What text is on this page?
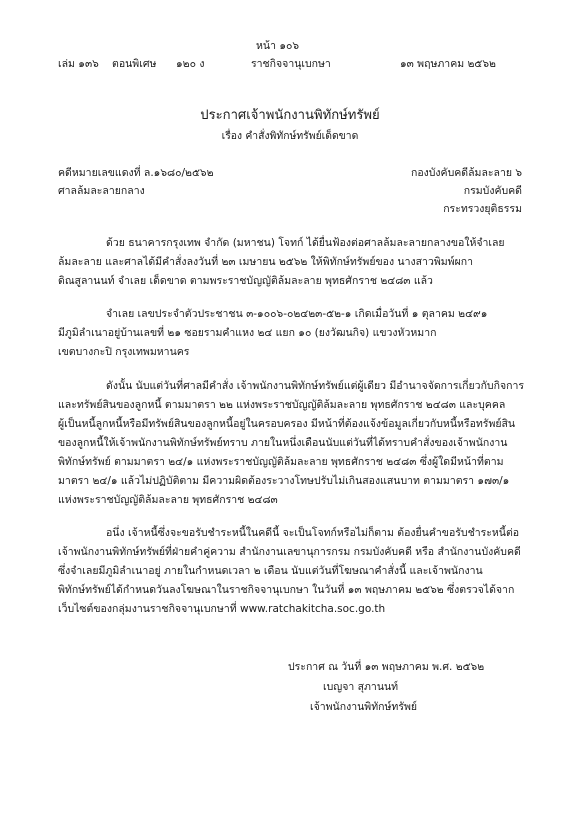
หน้า ๑๐๖
เล่ม ๑๓๖ ตอนพิเศษ ๑๒๐ ง	ราชกิจจานุเบกษา	๑๓ พฤษภาคม ๒๕๖๒
ประกาศเจ้าพนักงานพิทักษ์ทรัพย์
เรื่อง คำสั่งพิทักษ์ทรัพย์เด็ดขาด
คดีหมายเลขแดงที่ ล.๑๖๘๐/๒๕๖๒
ศาลล้มละลายกลาง
กองบังคับคดีล้มละลาย ๖
กรมบังคับคดี
กระทรวงยุติธรรม
ด้วย ธนาคารกรุงเทพ จำกัด (มหาชน) โจทก์ ได้ยื่นฟ้องต่อศาลล้มละลายกลางขอให้จำเลย
ล้มละลาย และศาลได้มีคำสั่งลงวันที่ ๒๓ เมษายน ๒๕๖๒ ให้พิทักษ์ทรัพย์ของ นางสาวพิมพ์ผกา
ดิณสูลานนท์ จำเลย เด็ดขาด ตามพระราชบัญญัติล้มละลาย พุทธศักราช ๒๔๘๓ แล้ว
จำเลย เลขประจำตัวประชาชน ๓-๑๐๐๖-๐๒๔๒๓-๕๒-๑ เกิดเมื่อวันที่ ๑ ตุลาคม ๒๔๙๑
มีภูมิลำเนาอยู่บ้านเลขที่ ๒๑ ซอยรามคำแหง ๒๔ แยก ๑๐ (ยงวัฒนกิจ) แขวงหัวหมาก
เขตบางกะปิ กรุงเทพมหานคร
ดังนั้น นับแต่วันที่ศาลมีคำสั่ง เจ้าพนักงานพิทักษ์ทรัพย์แต่ผู้เดียว มีอำนาจจัดการเกี่ยวกับกิจการ
และทรัพย์สินของลูกหนี้ ตามมาตรา ๒๒ แห่งพระราชบัญญัติล้มละลาย พุทธศักราช ๒๔๘๓ และบุคคล
ผู้เป็นหนี้ลูกหนี้หรือมีทรัพย์สินของลูกหนี้อยู่ในครอบครอง มีหน้าที่ต้องแจ้งข้อมูลเกี่ยวกับหนี้หรือทรัพย์สิน
ของลูกหนี้ให้เจ้าพนักงานพิทักษ์ทรัพย์ทราบ ภายในหนึ่งเดือนนับแต่วันที่ได้ทราบคำสั่งของเจ้าพนักงาน
พิทักษ์ทรัพย์ ตามมาตรา ๒๔/๑ แห่งพระราชบัญญัติล้มละลาย พุทธศักราช ๒๔๘๓ ซึ่งผู้ใดมีหน้าที่ตาม
มาตรา ๒๔/๑ แล้วไม่ปฏิบัติตาม มีความผิดต้องระวางโทษปรับไม่เกินสองแสนบาท ตามมาตรา ๑๗๓/๑
แห่งพระราชบัญญัติล้มละลาย พุทธศักราช ๒๔๘๓
อนึ่ง เจ้าหนี้ซึ่งจะขอรับชำระหนี้ในคดีนี้ จะเป็นโจทก์หรือไม่ก็ตาม ต้องยื่นคำขอรับชำระหนี้ต่อ
เจ้าพนักงานพิทักษ์ทรัพย์ที่ฝ่ายคำคู่ความ สำนักงานเลขานุการกรม กรมบังคับคดี หรือ สำนักงานบังคับคดี
ซึ่งจำเลยมีภูมิลำเนาอยู่ ภายในกำหนดเวลา ๒ เดือน นับแต่วันที่โฆษณาคำสั่งนี้ และเจ้าพนักงาน
พิทักษ์ทรัพย์ได้กำหนดวันลงโฆษณาในราชกิจจานุเบกษา ในวันที่ ๑๓ พฤษภาคม ๒๕๖๒ ซึ่งตรวจได้จาก
เว็บไซต์ของกลุ่มงานราชกิจจานุเบกษาที่ www.ratchakitcha.soc.go.th
ประกาศ ณ วันที่ ๑๓ พฤษภาคม พ.ศ. ๒๕๖๒
เบญจา สุภานนท์
เจ้าพนักงานพิทักษ์ทรัพย์
